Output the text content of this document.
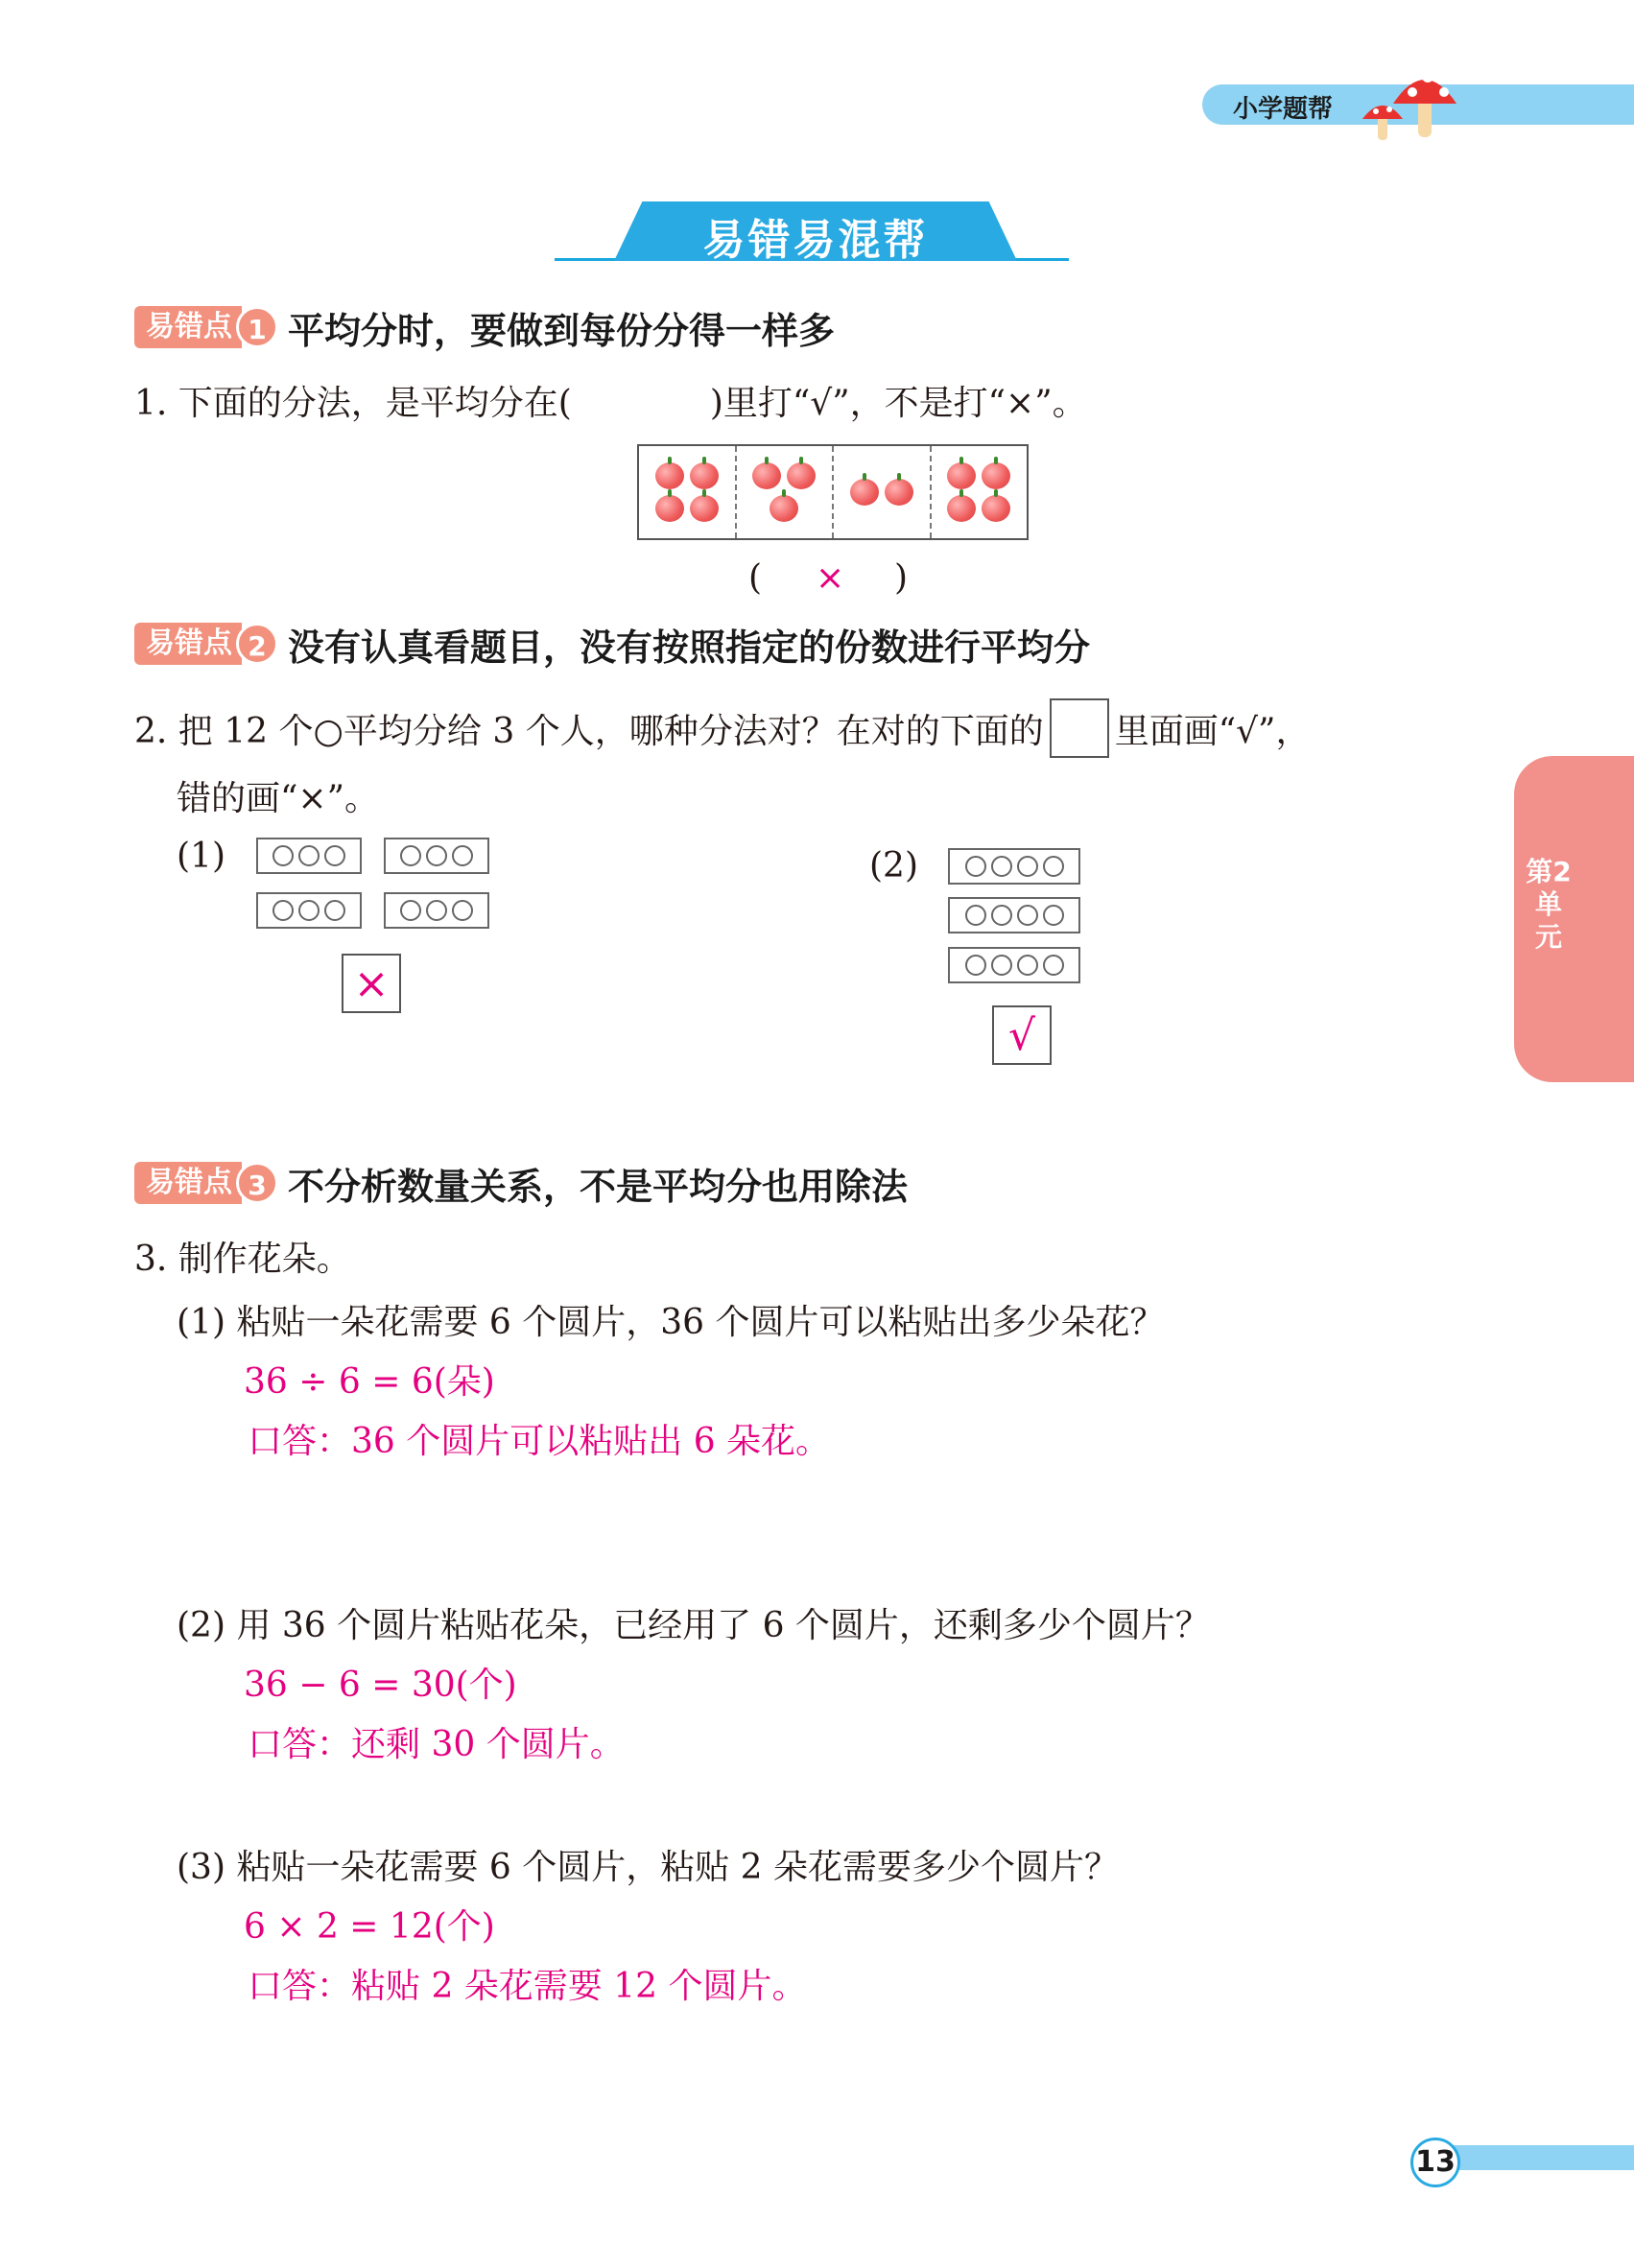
小学题帮
易错易混帮
易错点 1 平均分时，要做到每份分得一样多
1. 下面的分法，是平均分在(　　　　)里打“√”，不是打“×”。
( × )
易错点 2 没有认真看题目，没有按照指定的份数进行平均分
2. 把 12 个○平均分给 3 个人，哪种分法对？在对的下面的 里面画“√”，
错的画“×”。
(1)
×
(2)
√
第2单元
易错点 3 不分析数量关系，不是平均分也用除法
3. 制作花朵。
(1) 粘贴一朵花需要 6 个圆片，36 个圆片可以粘贴出多少朵花？
36 ÷ 6 = 6(朵)
口答：36 个圆片可以粘贴出 6 朵花。
(2) 用 36 个圆片粘贴花朵，已经用了 6 个圆片，还剩多少个圆片？
36 − 6 = 30(个)
口答：还剩 30 个圆片。
(3) 粘贴一朵花需要 6 个圆片，粘贴 2 朵花需要多少个圆片？
6 × 2 = 12(个)
口答：粘贴 2 朵花需要 12 个圆片。
13
